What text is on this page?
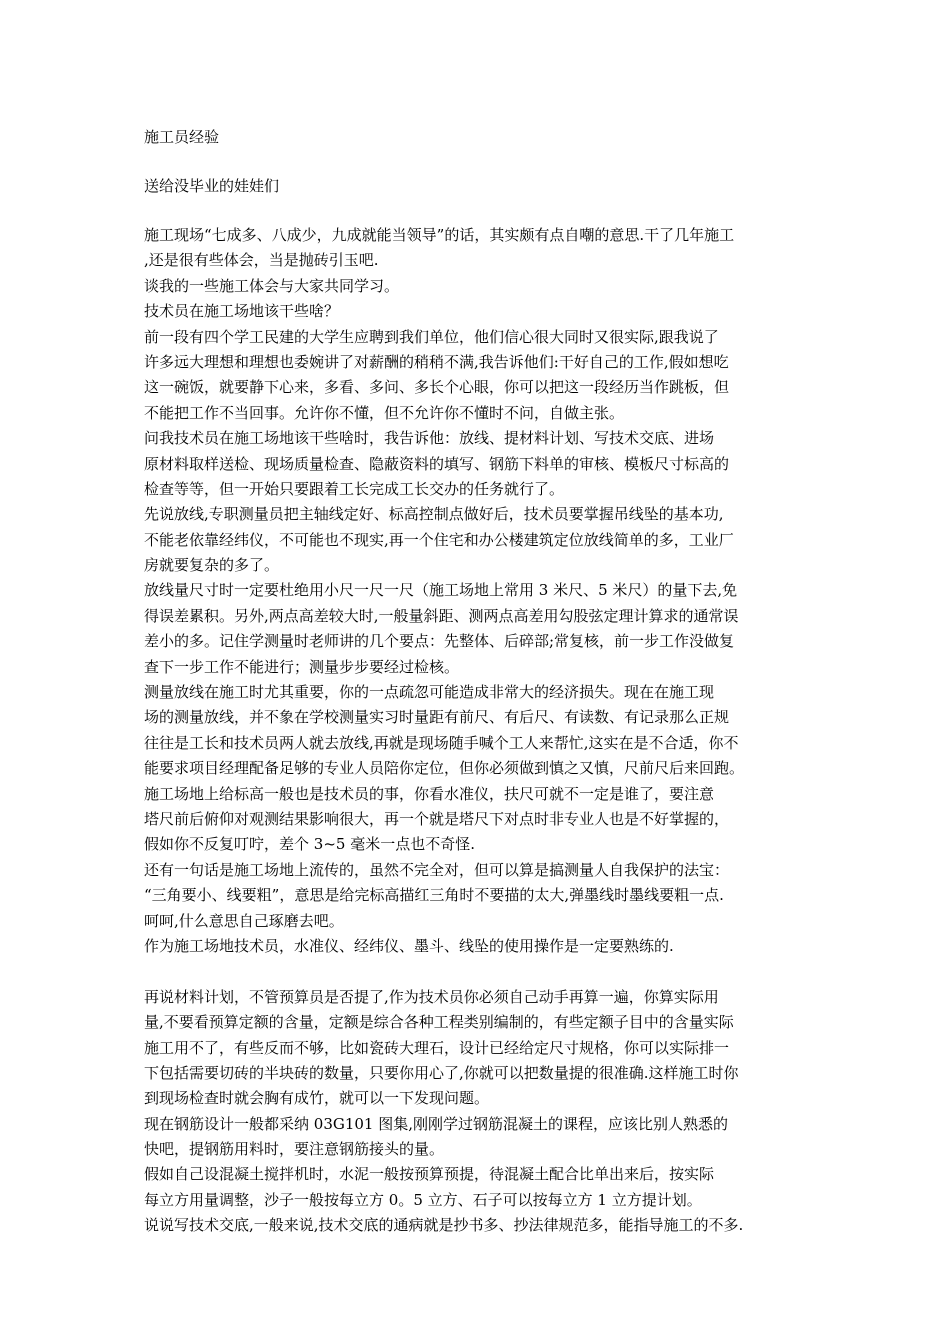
施工员经验

送给没毕业的娃娃们

施工现场“七成多、八成少，九成就能当领导”的话，其实颇有点自嘲的意思.干了几年施工

,还是很有些体会，当是抛砖引玉吧.

谈我的一些施工体会与大家共同学习。

技术员在施工场地该干些啥？

前一段有四个学工民建的大学生应聘到我们单位，他们信心很大同时又很实际,跟我说了

许多远大理想和理想也委婉讲了对薪酬的稍稍不满,我告诉他们:干好自己的工作,假如想吃

这一碗饭，就要静下心来，多看、多问、多长个心眼，你可以把这一段经历当作跳板，但

不能把工作不当回事。允许你不懂，但不允许你不懂时不问，自做主张。

问我技术员在施工场地该干些啥时，我告诉他：放线、提材料计划、写技术交底、进场

原材料取样送检、现场质量检查、隐蔽资料的填写、钢筋下料单的审核、模板尺寸标高的

检查等等，但一开始只要跟着工长完成工长交办的任务就行了。

先说放线,专职测量员把主轴线定好、标高控制点做好后，技术员要掌握吊线坠的基本功,

不能老依靠经纬仪，不可能也不现实,再一个住宅和办公楼建筑定位放线简单的多，工业厂

房就要复杂的多了。

放线量尺寸时一定要杜绝用小尺一尺一尺（施工场地上常用 3 米尺、5 米尺）的量下去,免

得误差累积。另外,两点高差较大时,一般量斜距、测两点高差用勾股弦定理计算求的通常误

差小的多。记住学测量时老师讲的几个要点：先整体、后碎部;常复核，前一步工作没做复

查下一步工作不能进行；测量步步要经过检核。

测量放线在施工时尤其重要，你的一点疏忽可能造成非常大的经济损失。现在在施工现

场的测量放线，并不象在学校测量实习时量距有前尺、有后尺、有读数、有记录那么正规

往往是工长和技术员两人就去放线,再就是现场随手喊个工人来帮忙,这实在是不合适，你不

能要求项目经理配备足够的专业人员陪你定位，但你必须做到慎之又慎，尺前尺后来回跑。

施工场地上给标高一般也是技术员的事，你看水准仪，扶尺可就不一定是谁了，要注意

塔尺前后俯仰对观测结果影响很大，再一个就是塔尺下对点时非专业人也是不好掌握的，

假如你不反复叮咛，差个 3~5 毫米一点也不奇怪.

还有一句话是施工场地上流传的，虽然不完全对，但可以算是搞测量人自我保护的法宝：

“三角要小、线要粗”，意思是给完标高描红三角时不要描的太大,弹墨线时墨线要粗一点.

呵呵,什么意思自己琢磨去吧。

作为施工场地技术员，水准仪、经纬仪、墨斗、线坠的使用操作是一定要熟练的.

再说材料计划，不管预算员是否提了,作为技术员你必须自己动手再算一遍，你算实际用

量,不要看预算定额的含量，定额是综合各种工程类别编制的，有些定额子目中的含量实际

施工用不了，有些反而不够，比如瓷砖大理石，设计已经给定尺寸规格，你可以实际排一

下包括需要切砖的半块砖的数量，只要你用心了,你就可以把数量提的很准确.这样施工时你

到现场检查时就会胸有成竹，就可以一下发现问题。

现在钢筋设计一般都采纳 03G101 图集,刚刚学过钢筋混凝土的课程，应该比别人熟悉的

快吧，提钢筋用料时，要注意钢筋接头的量。

假如自己设混凝土搅拌机时，水泥一般按预算预提，待混凝土配合比单出来后，按实际

每立方用量调整，沙子一般按每立方 0。5 立方、石子可以按每立方 1 立方提计划。

说说写技术交底,一般来说,技术交底的通病就是抄书多、抄法律规范多，能指导施工的不多.
